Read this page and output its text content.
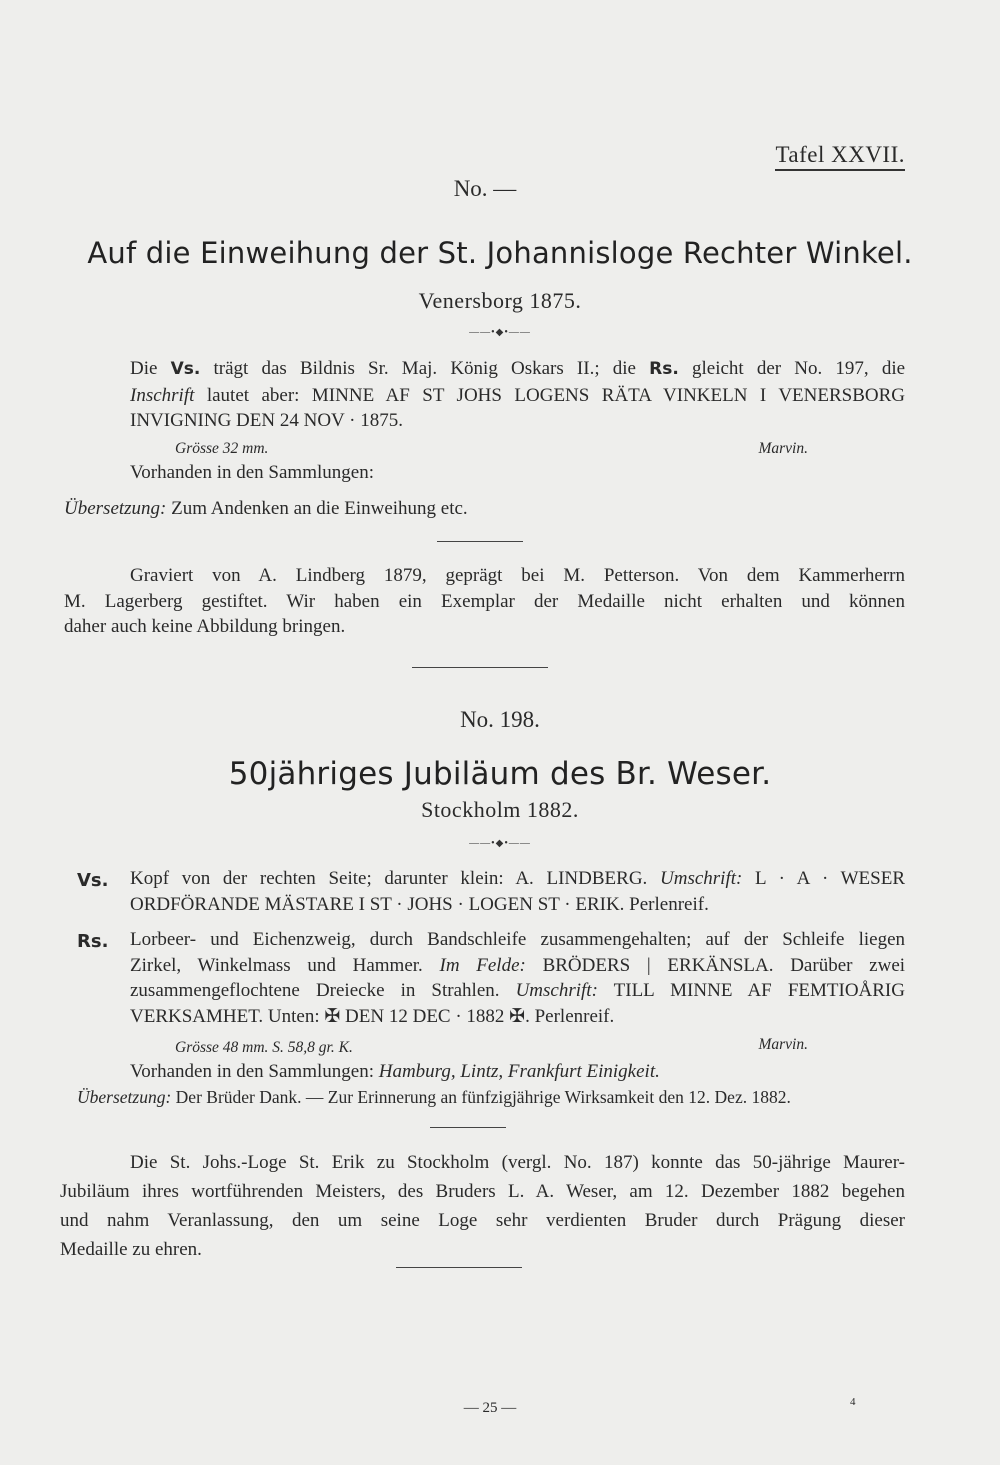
Tafel XXVII.
No. —
Auf die Einweihung der St. Johannisloge Rechter Winkel.
Venersborg 1875.
——•◆•——
Die Vs. trägt das Bildnis Sr. Maj. König Oskars II.; die Rs. gleicht der No. 197, die
Inschrift lautet aber: MINNE AF ST JOHS LOGENS RÄTA VINKELN I VENERSBORG
INVIGNING DEN 24 NOV · 1875.
Grösse 32 mm.	Marvin.
Vorhanden in den Sammlungen:
Übersetzung: Zum Andenken an die Einweihung etc.
Graviert von A. Lindberg 1879, geprägt bei M. Petterson. Von dem Kammerherrn
M. Lagerberg gestiftet. Wir haben ein Exemplar der Medaille nicht erhalten und können
daher auch keine Abbildung bringen.
No. 198.
50jähriges Jubiläum des Br. Weser.
Stockholm 1882.
——•◆•——
Vs. Kopf von der rechten Seite; darunter klein: A. LINDBERG. Umschrift: L · A · WESER
ORDFÖRANDE MÄSTARE I ST · JOHS · LOGEN ST · ERIK. Perlenreif.
Rs. Lorbeer- und Eichenzweig, durch Bandschleife zusammengehalten; auf der Schleife liegen
Zirkel, Winkelmass und Hammer. Im Felde: BRÖDERS | ERKÄNSLA. Darüber zwei
zusammengeflochtene Dreiecke in Strahlen. Umschrift: TILL MINNE AF FEMTIOÅRIG
VERKSAMHET. Unten: ✠ DEN 12 DEC · 1882 ✠. Perlenreif.
Grösse 48 mm. S. 58,8 gr. K.	Marvin.
Vorhanden in den Sammlungen: Hamburg, Lintz, Frankfurt Einigkeit.
Übersetzung: Der Brüder Dank. — Zur Erinnerung an fünfzigjährige Wirksamkeit den 12. Dez. 1882.
Die St. Johs.-Loge St. Erik zu Stockholm (vergl. No. 187) konnte das 50-jährige Maurer-
Jubiläum ihres wortführenden Meisters, des Bruders L. A. Weser, am 12. Dezember 1882 begehen
und nahm Veranlassung, den um seine Loge sehr verdienten Bruder durch Prägung dieser
Medaille zu ehren.
— 25 —	4
